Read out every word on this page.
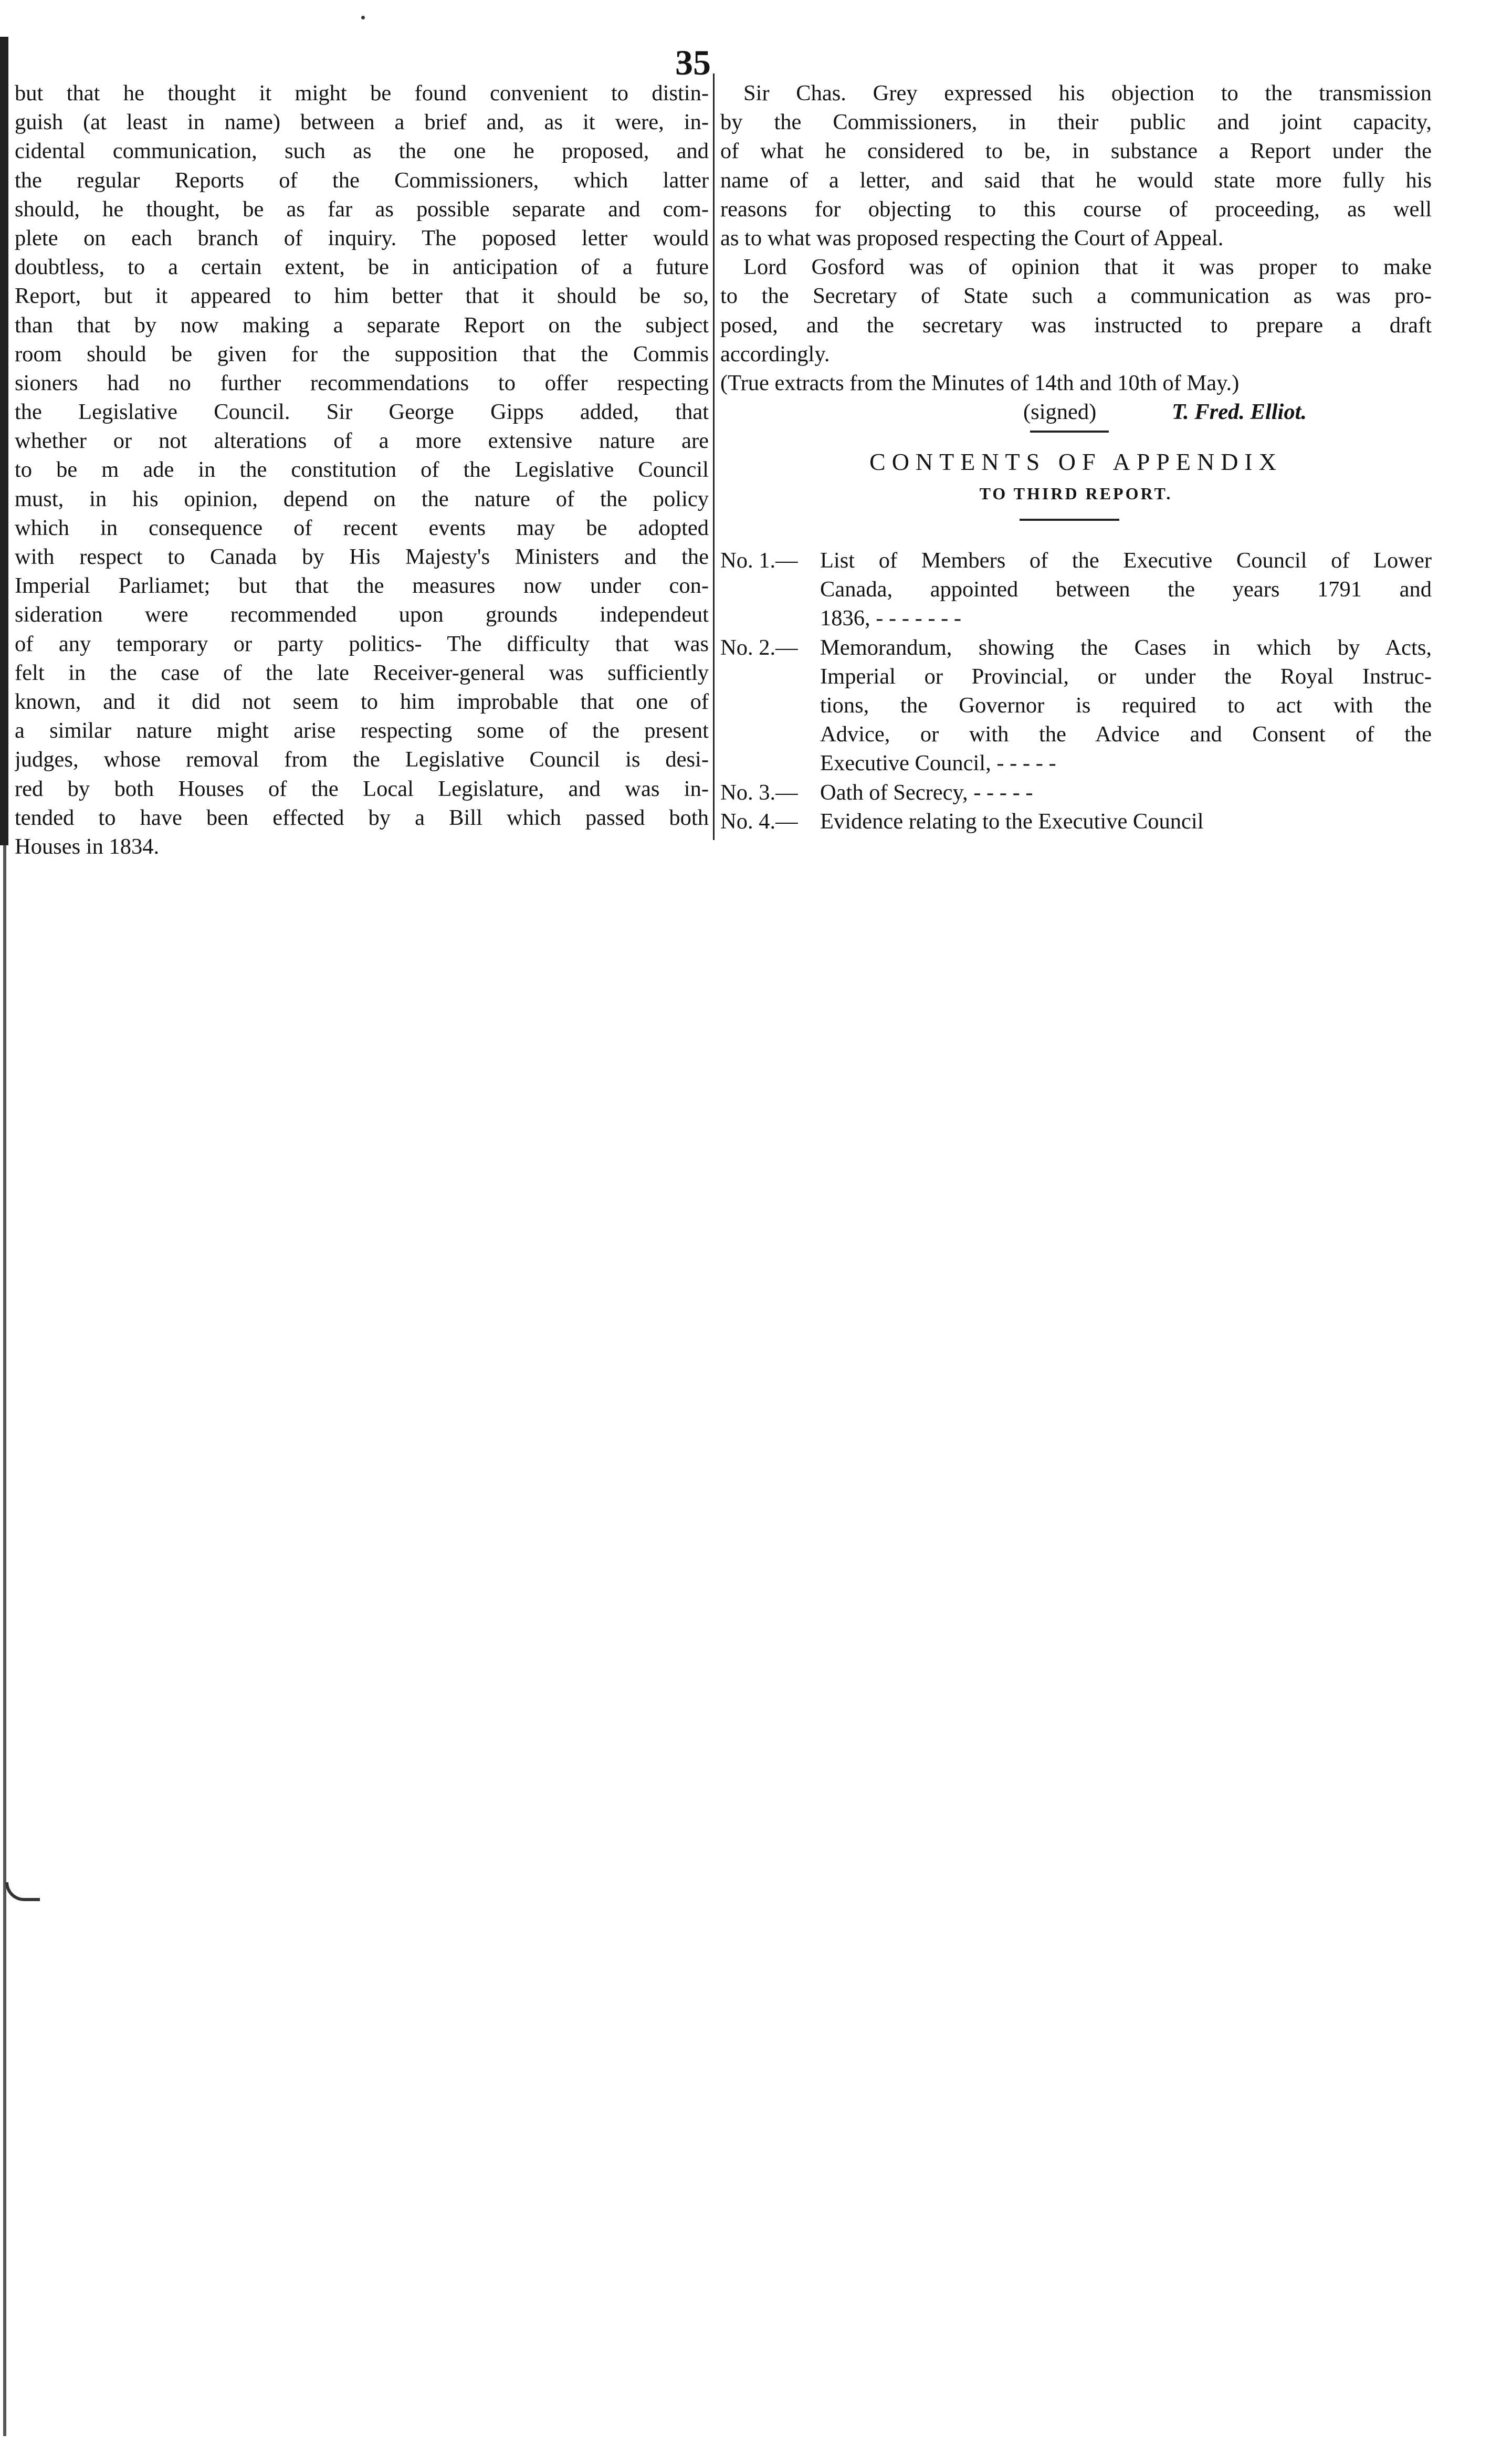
35

but that he thought it might be found convenient to distin-
guish (at least in name) between a brief and, as it were, in-
cidental communication, such as the one he proposed, and
the regular Reports of the Commissioners, which latter
should, he thought, be as far as possible separate and com-
plete on each branch of inquiry. The poposed letter would
doubtless, to a certain extent, be in anticipation of a future
Report, but it appeared to him better that it should be so,
than that by now making a separate Report on the subject
room should be given for the supposition that the Commis
sioners had no further recommendations to offer respecting
the Legislative Council. Sir George Gipps added, that
whether or not alterations of a more extensive nature are
to be m ade in the constitution of the Legislative Council
must, in his opinion, depend on the nature of the policy
which in consequence of recent events may be adopted
with respect to Canada by His Majesty's Ministers and the
Imperial Parliamet; but that the measures now under con-
sideration were recommended upon grounds independeut
of any temporary or party politics- The difficulty that was
felt in the case of the late Receiver-general was sufficiently
known, and it did not seem to him improbable that one of
a similar nature might arise respecting some of the present
judges, whose removal from the Legislative Council is desi-
red by both Houses of the Local Legislature, and was in-
tended to have been effected by a Bill which passed both
Houses in 1834.

Sir Chas. Grey expressed his objection to the transmission
by the Commissioners, in their public and joint capacity,
of what he considered to be, in substance a Report under the
name of a letter, and said that he would state more fully his
reasons for objecting to this course of proceeding, as well
as to what was proposed respecting the Court of Appeal.

Lord Gosford was of opinion that it was proper to make
to the Secretary of State such a communication as was pro-
posed, and the secretary was instructed to prepare a draft
accordingly.

(True extracts from the Minutes of 14th and 10th of May.)

(signed)	T. Fred. Elliot.
CONTENTS OF APPENDIX
TO THIRD REPORT.
No. 1.— List of Members of the Executive Council of Lower
Canada, appointed between the years 1791 and
1836, - - - - - - -
No. 2.— Memorandum, showing the Cases in which by Acts,
Imperial or Provincial, or under the Royal Instruc-
tions, the Governor is required to act with the
Advice, or with the Advice and Consent of the
Executive Council, - - - - -
No. 3.— Oath of Secrecy, - - - - -
No. 4.— Evidence relating to the Executive Council
